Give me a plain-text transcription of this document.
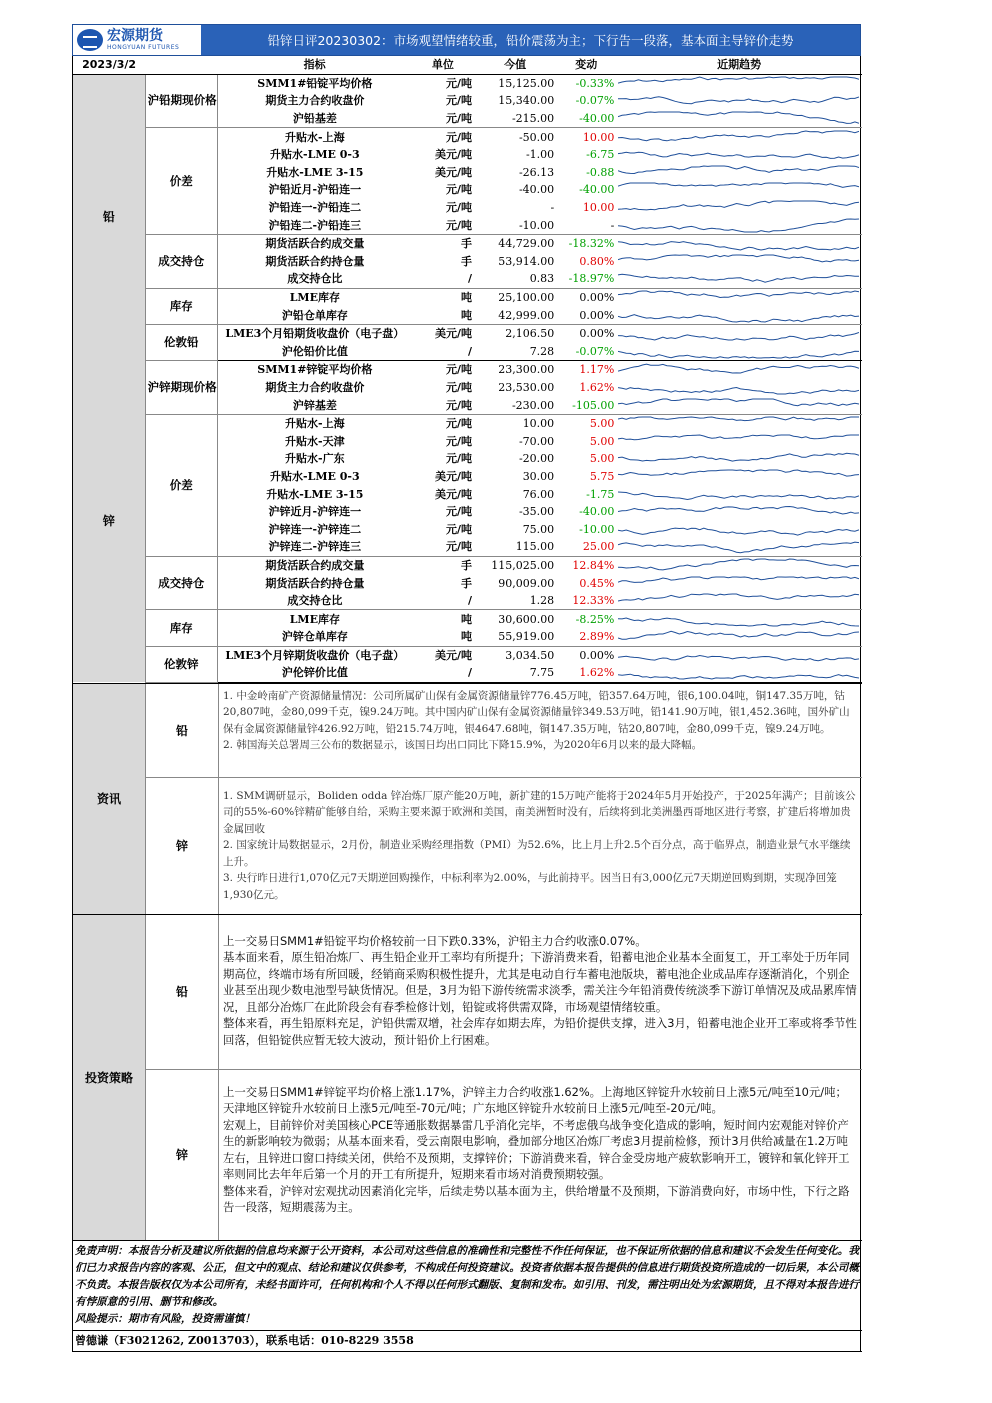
宏源期货
HONGYUAN FUTURES	铅锌日评20230302：市场观望情绪较重，铅价震荡为主；下行告一段落，基本面主导锌价走势
2023/3/2		指标	单位	今值	变动	近期趋势
铅	沪铅期现价格	SMM1#铅锭平均价格	元/吨	15,125.00	-0.33%	

		期货主力合约收盘价	元/吨	15,340.00	-0.07%	

		沪铅基差	元/吨	-215.00	-40.00	

	价差	升贴水-上海	元/吨	-50.00	10.00	

		升贴水-LME 0-3	美元/吨	-1.00	-6.75	

		升贴水-LME 3-15	美元/吨	-26.13	-0.88	

		沪铅近月-沪铅连一	元/吨	-40.00	-40.00	

		沪铅连一-沪铅连二	元/吨	-	10.00	

		沪铅连二-沪铅连三	元/吨	-10.00	-	

	成交持仓	期货活跃合约成交量	手	44,729.00	-18.32%	

		期货活跃合约持仓量	手	53,914.00	0.80%	

		成交持仓比	/	0.83	-18.97%	

	库存	LME库存	吨	25,100.00	0.00%	

		沪铅仓单库存	吨	42,999.00	0.00%	

	伦敦铅	LME3个月铅期货收盘价（电子盘）	美元/吨	2,106.50	0.00%	

		沪伦铅价比值	/	7.28	-0.07%	

锌	沪锌期现价格	SMM1#锌锭平均价格	元/吨	23,300.00	1.17%	

		期货主力合约收盘价	元/吨	23,530.00	1.62%	

		沪锌基差	元/吨	-230.00	-105.00	

	价差	升贴水-上海	元/吨	10.00	5.00	

		升贴水-天津	元/吨	-70.00	5.00	

		升贴水-广东	元/吨	-20.00	5.00	

		升贴水-LME 0-3	美元/吨	30.00	5.75	

		升贴水-LME 3-15	美元/吨	76.00	-1.75	

		沪锌近月-沪锌连一	元/吨	-35.00	-40.00	

		沪锌连一-沪锌连二	元/吨	75.00	-10.00	

		沪锌连二-沪锌连三	元/吨	115.00	25.00	

	成交持仓	期货活跃合约成交量	手	115,025.00	12.84%	

		期货活跃合约持仓量	手	90,009.00	0.45%	

		成交持仓比	/	1.28	12.33%	

	库存	LME库存	吨	30,600.00	-8.25%	

		沪锌仓单库存	吨	55,919.00	2.89%	

	伦敦锌	LME3个月锌期货收盘价（电子盘）	美元/吨	3,034.50	0.00%	

		沪伦锌价比值	/	7.75	1.62%	
资讯
铅

1. 中金岭南矿产资源储量情况：公司所属矿山保有金属资源储量锌776.45万吨，铅357.64万吨，银6,100.04吨，铜147.35万吨，钴20,807吨，金80,099千克，镍9.24万吨。其中国内矿山保有金属资源储量锌349.53万吨，铅141.90万吨，银1,452.36吨，国外矿山保有金属资源储量锌426.92万吨，铅215.74万吨，银4647.68吨，铜147.35万吨，钴20,807吨，金80,099千克，镍9.24万吨。

2. 韩国海关总署周三公布的数据显示，该国日均出口同比下降15.9%，为2020年6月以来的最大降幅。

锌

1. SMM调研显示，Boliden odda 锌冶炼厂原产能20万吨，新扩建的15万吨产能将于2024年5月开始投产，于2025年满产；目前该公司的55%-60%锌精矿能够自给，采购主要来源于欧洲和美国，南美洲暂时没有，后续将到北美洲墨西哥地区进行考察，扩建后将增加贵金属回收

2. 国家统计局数据显示，2月份，制造业采购经理指数（PMI）为52.6%，比上月上升2.5个百分点，高于临界点，制造业景气水平继续上升。

3. 央行昨日进行1,070亿元7天期逆回购操作，中标利率为2.00%，与此前持平。因当日有3,000亿元7天期逆回购到期，实现净回笼1,930亿元。

投资策略
铅

上一交易日SMM1#铅锭平均价格较前一日下跌0.33%，沪铅主力合约收涨0.07%。

基本面来看，原生铅冶炼厂、再生铅企业开工率均有所提升；下游消费来看，铅蓄电池企业基本全面复工，开工率处于历年同期高位，终端市场有所回暖，经销商采购积极性提升，尤其是电动自行车蓄电池版块，蓄电池企业成品库存逐渐消化，个别企业甚至出现少数电池型号缺货情况。但是，3月为铅下游传统需求淡季，需关注今年铅消费传统淡季下游订单情况及成品累库情况，且部分冶炼厂在此阶段会有春季检修计划，铅锭或将供需双降，市场观望情绪较重。

整体来看，再生铅原料充足，沪铅供需双增，社会库存如期去库，为铅价提供支撑，进入3月，铅蓄电池企业开工率或将季节性回落，但铅锭供应暂无较大波动，预计铅价上行困难。

锌

上一交易日SMM1#锌锭平均价格上涨1.17%，沪锌主力合约收涨1.62%。上海地区锌锭升水较前日上涨5元/吨至10元/吨；天津地区锌锭升水较前日上涨5元/吨至-70元/吨；广东地区锌锭升水较前日上涨5元/吨至-20元/吨。

宏观上，目前锌价对美国核心PCE等通胀数据暴雷几乎消化完毕，不考虑俄乌战争变化造成的影响，短时间内宏观能对锌价产生的新影响较为微弱；从基本面来看，受云南限电影响，叠加部分地区冶炼厂考虑3月提前检修，预计3月供给减量在1.2万吨左右，且锌进口窗口持续关闭，供给不及预期，支撑锌价；下游消费来看，锌合金受房地产疲软影响开工，镀锌和氧化锌开工率则同比去年年后第一个月的开工有所提升，短期来看市场对消费预期较强。

整体来看，沪锌对宏观扰动因素消化完毕，后续走势以基本面为主，供给增量不及预期，下游消费向好，市场中性，下行之路告一段落，短期震荡为主。

免责声明：本报告分析及建议所依据的信息均来源于公开资料，本公司对这些信息的准确性和完整性不作任何保证，也不保证所依据的信息和建议不会发生任何变化。我们已力求报告内容的客观、公正，但文中的观点、结论和建议仅供参考，不构成任何投资建议。投资者依据本报告提供的信息进行期货投资所造成的一切后果，本公司概不负责。本报告版权仅为本公司所有，未经书面许可，任何机构和个人不得以任何形式翻版、复制和发布。如引用、刊发，需注明出处为宏源期货，且不得对本报告进行有悖原意的引用、删节和修改。

风险提示：期市有风险，投资需谨慎！

曾德谦（F3021262, Z0013703），联系电话：010-8229 3558
